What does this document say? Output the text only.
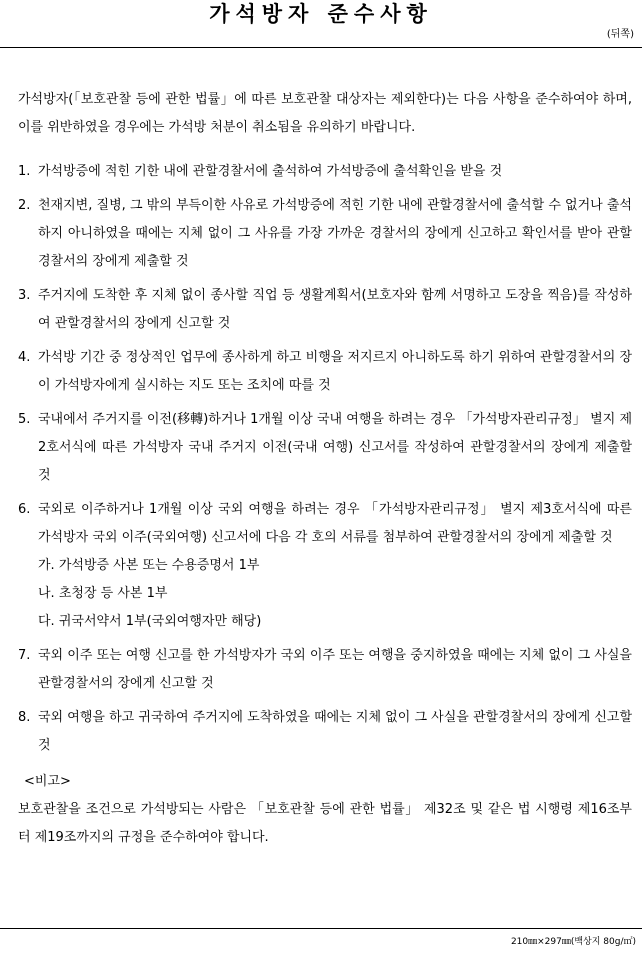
가석방자 준수사항
(뒤쪽)

가석방자(「보호관찰 등에 관한 법률」에 따른 보호관찰 대상자는 제외한다)는 다음 사항을 준수하여야 하며, 이를 위반하였을 경우에는 가석방 처분이 취소됨을 유의하기 바랍니다.

1. 가석방증에 적힌 기한 내에 관할경찰서에 출석하여 가석방증에 출석확인을 받을 것
2. 천재지변, 질병, 그 밖의 부득이한 사유로 가석방증에 적힌 기한 내에 관할경찰서에 출석할 수 없거나 출석하지 아니하였을 때에는 지체 없이 그 사유를 가장 가까운 경찰서의 장에게 신고하고 확인서를 받아 관할경찰서의 장에게 제출할 것
3. 주거지에 도착한 후 지체 없이 종사할 직업 등 생활계획서(보호자와 함께 서명하고 도장을 찍음)를 작성하여 관할경찰서의 장에게 신고할 것
4. 가석방 기간 중 정상적인 업무에 종사하게 하고 비행을 저지르지 아니하도록 하기 위하여 관할경찰서의 장이 가석방자에게 실시하는 지도 또는 조치에 따를 것
5. 국내에서 주거지를 이전(移轉)하거나 1개월 이상 국내 여행을 하려는 경우 「가석방자관리규정」 별지 제2호서식에 따른 가석방자 국내 주거지 이전(국내 여행) 신고서를 작성하여 관할경찰서의 장에게 제출할 것
6. 국외로 이주하거나 1개월 이상 국외 여행을 하려는 경우 「가석방자관리규정」 별지 제3호서식에 따른 가석방자 국외 이주(국외여행) 신고서에 다음 각 호의 서류를 첨부하여 관할경찰서의 장에게 제출할 것

가. 가석방증 사본 또는 수용증명서 1부

나. 초청장 등 사본 1부

다. 귀국서약서 1부(국외여행자만 해당)

7. 국외 이주 또는 여행 신고를 한 가석방자가 국외 이주 또는 여행을 중지하였을 때에는 지체 없이 그 사실을 관할경찰서의 장에게 신고할 것
8. 국외 여행을 하고 귀국하여 주거지에 도착하였을 때에는 지체 없이 그 사실을 관할경찰서의 장에게 신고할 것
<비고>

보호관찰을 조건으로 가석방되는 사람은 「보호관찰 등에 관한 법률」 제32조 및 같은 법 시행령 제16조부터 제19조까지의 규정을 준수하여야 합니다.

210㎜×297㎜(백상지 80g/㎡)
